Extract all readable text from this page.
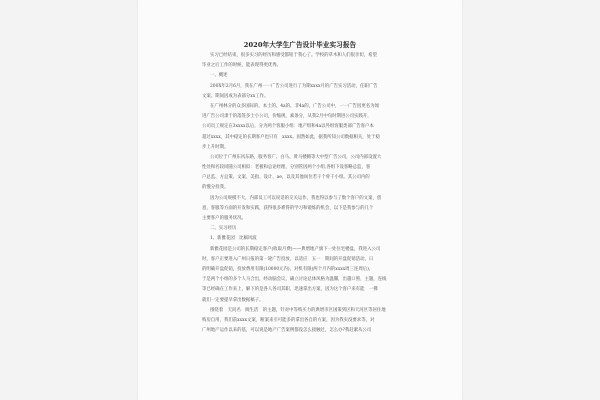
2020年大学生广告设计毕业实习报告
实习已经结束，很多实习的经历和感受都铭于我心了。学校的草木和人们很亲切，希望
毕业之后工作的时候，能表现得更优秀。
一、概述
200X年2月6月，我在广州一一广告公司进行了为期xxxx月的广告实习活动，任职广告
文案。期间因成为表部分xx工作。
在广州林分的众多国际的、本土的、4a的、非4a的，广告公司中，一一广告因更名为闻
进广告公司隶于的落签多士小公司，价缩规，素条分，从我2月中旬时期进公司实践开，
公司员工规定在3xxxx以后，分为两个客服小组：地产组和4a以外组客服类部广告客户本
超过xxxx，其中稳定的长期客户也只有　xxxx。固然如此，据我所知公司数据相关，处于稳
步上升时期。
公司位于广州东风东路，服务客广、白马、黄马楼腾等大中型广告公司，公司内部设置大
性处和名较同随公司相似：老板和总论经理，分别管因两个小组,各组下设客略总监，客
户总监、方总策、文案、美指、设计、ae，以及其他岗位若干个骨干小组。其公司内的
的慢分投我。
因为公司规模不大，内部员工可以说话的交关运作，我也得以参与了数个客户的文案，创
意，客服等方面的开发和实践，获得很多难得的学习和锻炼的机会，以下是我参与的几个
主要客户的服务状况。
二、实习经历
1、新雅花园　比稿风波
新雅花园是公司的长期稳定客户(收取月费)——典增地产旗下一处住宅楼盘，我进入公司
时，客户正要进入广州日报的第一轮广告投放，以适应　五一　期间的开盘促销活动，日
的明确开盘促销，投放费用有限(10000元内)，对机有限(两个月内的xxxx周三连周后)，
于是两个小组的多个人马合出，经动脑会议，确立讨论总体风格为温馨，出越口照，主题，连线
等已经确在工作来上，解下的是各人各司其职，迅速拿出方案，因为这个客户来有能　一佛
就们一定要提早拿出数据稿子。
围绕着　天问名　阀生活　的主题，针对中等购买力的典增市区国策到区和天河区等居住地
购房自用，我们前xxxx文案，断案来引可能多的拿出各自的方案，因为我实没要求等，对
广州地产运作以来的基，可以说是地产广告案例都没怎么接触过，怎么办?我赶紧从公司
